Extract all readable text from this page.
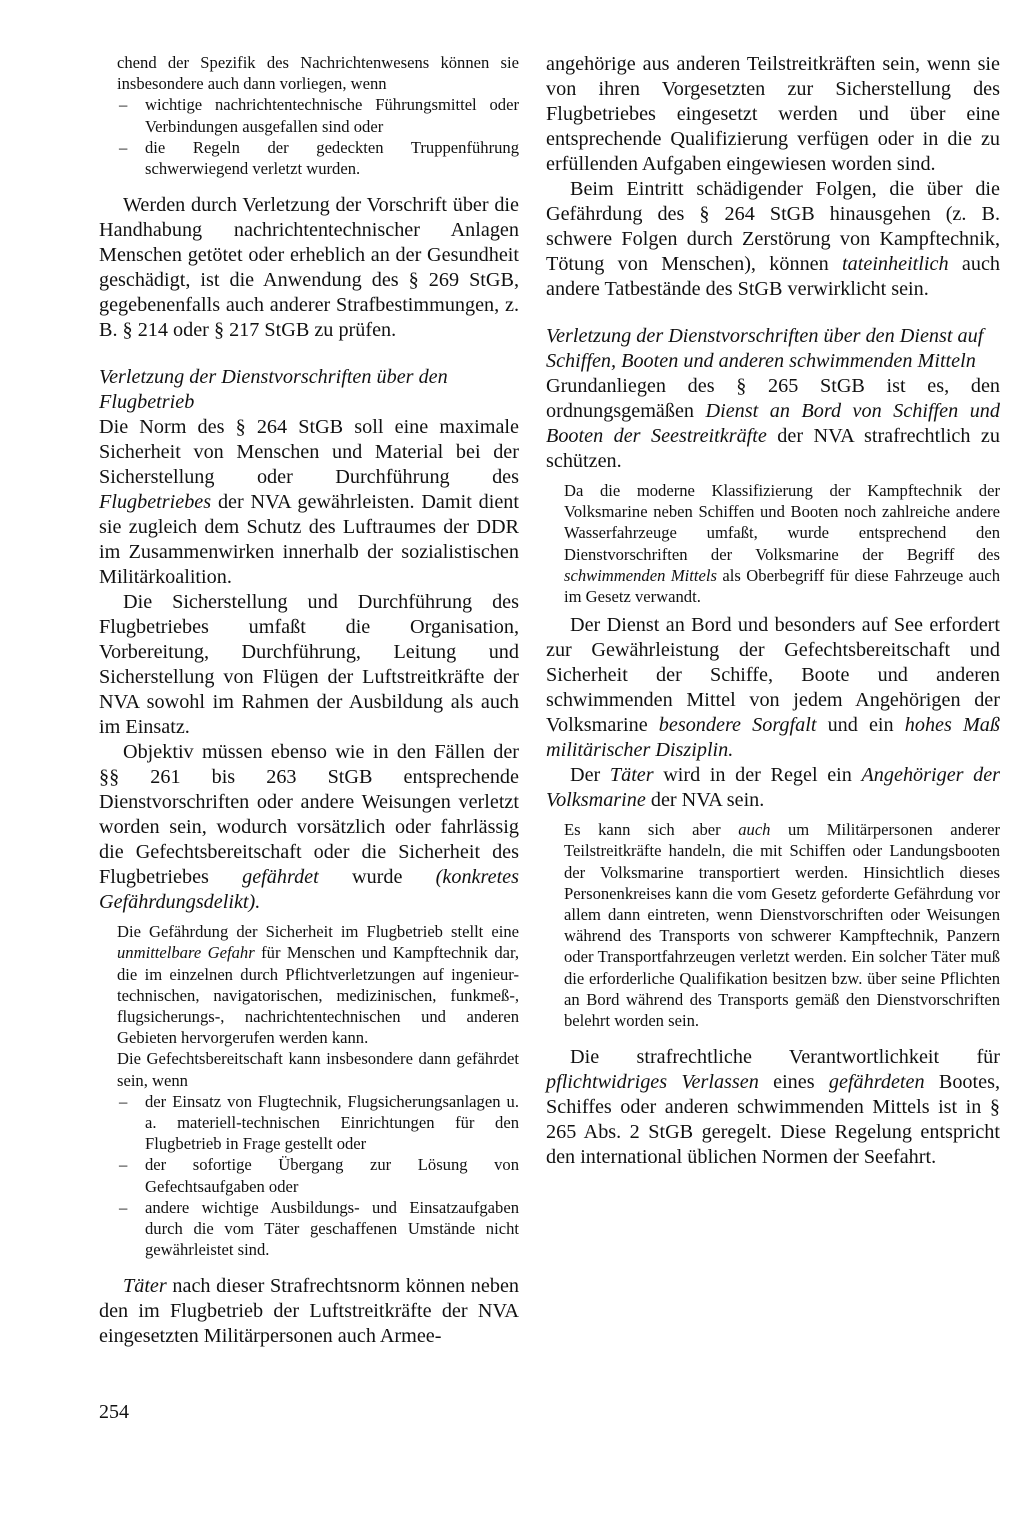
chend der Spezifik des Nachrichtenwesens können sie insbesondere auch dann vorliegen, wenn

– wichtige nachrichtentechnische Führungsmittel oder Verbindungen ausgefallen sind oder
– die Regeln der gedeckten Truppenführung schwerwiegend verletzt wurden.

Werden durch Verletzung der Vorschrift über die Handhabung nachrichtentechnischer Anlagen Menschen getötet oder erheblich an der Gesundheit geschädigt, ist die Anwendung des § 269 StGB, gegebenenfalls auch anderer Strafbestimmungen, z. B. § 214 oder § 217 StGB zu prüfen.

Verletzung der Dienstvorschriften über den Flugbetrieb

Die Norm des § 264 StGB soll eine maximale Sicherheit von Menschen und Material bei der Sicherstellung oder Durchführung des Flugbetriebes der NVA gewährleisten. Damit dient sie zugleich dem Schutz des Luftraumes der DDR im Zusammenwirken innerhalb der sozialistischen Militärkoalition.

Die Sicherstellung und Durchführung des Flugbetriebes umfaßt die Organisation, Vorbereitung, Durchführung, Leitung und Sicherstellung von Flügen der Luftstreitkräfte der NVA sowohl im Rahmen der Ausbildung als auch im Einsatz.

Objektiv müssen ebenso wie in den Fällen der §§ 261 bis 263 StGB entsprechende Dienstvorschriften oder andere Weisungen verletzt worden sein, wodurch vorsätzlich oder fahrlässig die Gefechtsbereitschaft oder die Sicherheit des Flugbetriebes gefährdet wurde (konkretes Gefährdungsdelikt).

Die Gefährdung der Sicherheit im Flugbetrieb stellt eine unmittelbare Gefahr für Menschen und Kampftechnik dar, die im einzelnen durch Pflichtverletzungen auf ingenieur-technischen, navigatorischen, medizinischen, funkmeß-, flugsicherungs-, nachrichtentechnischen und anderen Gebieten hervorgerufen werden kann.

Die Gefechtsbereitschaft kann insbesondere dann gefährdet sein, wenn

– der Einsatz von Flugtechnik, Flugsicherungsanlagen u. a. materiell-technischen Einrichtungen für den Flugbetrieb in Frage gestellt oder
– der sofortige Übergang zur Lösung von Gefechtsaufgaben oder
– andere wichtige Ausbildungs- und Einsatzaufgaben durch die vom Täter geschaffenen Umstände nicht gewährleistet sind.

Täter nach dieser Strafrechtsnorm können neben den im Flugbetrieb der Luftstreitkräfte der NVA eingesetzten Militärpersonen auch Armee-

angehörige aus anderen Teilstreitkräften sein, wenn sie von ihren Vorgesetzten zur Sicherstellung des Flugbetriebes eingesetzt werden und über eine entsprechende Qualifizierung verfügen oder in die zu erfüllenden Aufgaben eingewiesen worden sind.

Beim Eintritt schädigender Folgen, die über die Gefährdung des § 264 StGB hinausgehen (z. B. schwere Folgen durch Zerstörung von Kampftechnik, Tötung von Menschen), können tateinheitlich auch andere Tatbestände des StGB verwirklicht sein.

Verletzung der Dienstvorschriften über den Dienst auf Schiffen, Booten und anderen schwimmenden Mitteln

Grundanliegen des § 265 StGB ist es, den ordnungsgemäßen Dienst an Bord von Schiffen und Booten der Seestreitkräfte der NVA strafrechtlich zu schützen.

Da die moderne Klassifizierung der Kampftechnik der Volksmarine neben Schiffen und Booten noch zahlreiche andere Wasserfahrzeuge umfaßt, wurde entsprechend den Dienstvorschriften der Volksmarine der Begriff des schwimmenden Mittels als Oberbegriff für diese Fahrzeuge auch im Gesetz verwandt.

Der Dienst an Bord und besonders auf See erfordert zur Gewährleistung der Gefechtsbereitschaft und Sicherheit der Schiffe, Boote und anderen schwimmenden Mittel von jedem Angehörigen der Volksmarine besondere Sorgfalt und ein hohes Maß militärischer Disziplin.

Der Täter wird in der Regel ein Angehöriger der Volksmarine der NVA sein.

Es kann sich aber auch um Militärpersonen anderer Teilstreitkräfte handeln, die mit Schiffen oder Landungsbooten der Volksmarine transportiert werden. Hinsichtlich dieses Personenkreises kann die vom Gesetz geforderte Gefährdung vor allem dann eintreten, wenn Dienstvorschriften oder Weisungen während des Transports von schwerer Kampftechnik, Panzern oder Transportfahrzeugen verletzt werden. Ein solcher Täter muß die erforderliche Qualifikation besitzen bzw. über seine Pflichten an Bord während des Transports gemäß den Dienstvorschriften belehrt worden sein.

Die strafrechtliche Verantwortlichkeit für pflichtwidriges Verlassen eines gefährdeten Bootes, Schiffes oder anderen schwimmenden Mittels ist in § 265 Abs. 2 StGB geregelt. Diese Regelung entspricht den international üblichen Normen der Seefahrt.

254
